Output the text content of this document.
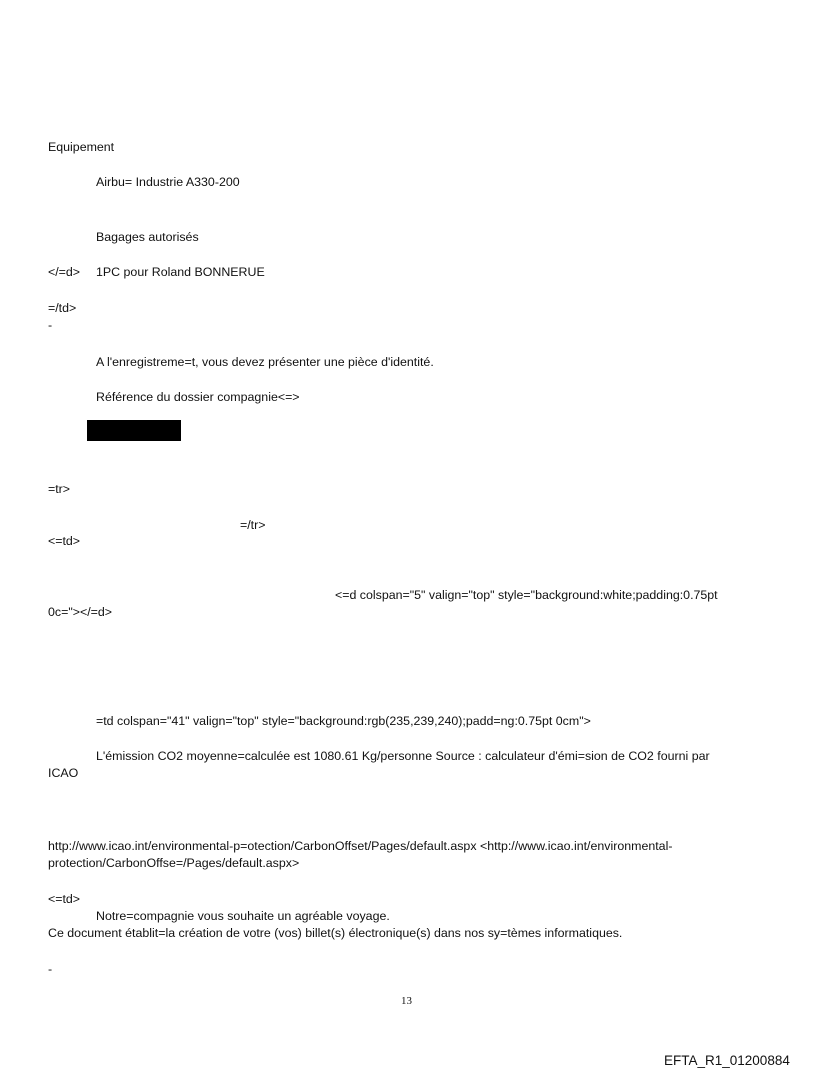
Equipement
Airbu= Industrie A330-200
Bagages autorisés
</=d> 1PC pour Roland BONNERUE
=/td>
-
A l'enregistreme=t, vous devez présenter une pièce d'identité.
Référence du dossier compagnie<=>
=tr>
=/tr>
<=td>
<=d colspan="5" valign="top" style="background:white;padding:0.75pt
0c="></=d>
=td colspan="41" valign="top" style="background:rgb(235,239,240);padd=ng:0.75pt 0cm">
L'émission CO2 moyenne=calculée est 1080.61 Kg/personne Source : calculateur d'émi=sion de CO2 fourni par
ICAO
http://www.icao.int/environmental-p=otection/CarbonOffset/Pages/default.aspx <http://www.icao.int/environmental-
protection/CarbonOffse=/Pages/default.aspx>
<=td>
Notre=compagnie vous souhaite un agréable voyage.
Ce document établit=la création de votre (vos) billet(s) électronique(s) dans nos sy=tèmes informatiques.
-
13
EFTA_R1_01200884
